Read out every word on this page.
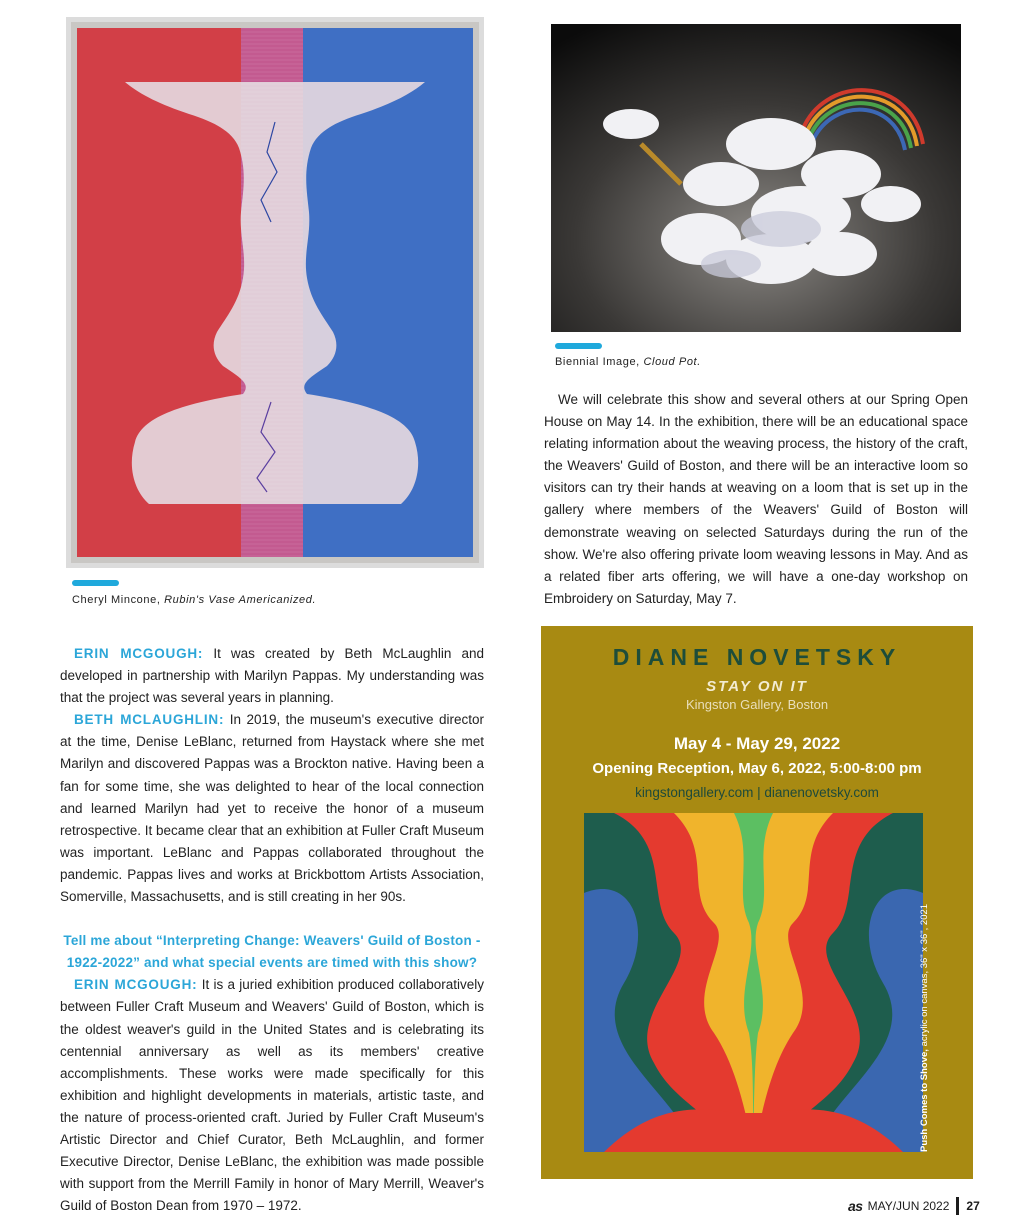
Cheryl Mincone, Rubin's Vase Americanized.
Biennial Image, Cloud Pot.

We will celebrate this show and several others at our Spring Open House on May 14. In the exhibition, there will be an educational space relating information about the weaving process, the history of the craft, the Weavers' Guild of Boston, and there will be an interactive loom so visitors can try their hands at weaving on a loom that is set up in the gallery where members of the Weavers' Guild of Boston will demonstrate weaving on selected Saturdays during the run of the show. We're also offering private loom weaving lessons in May. And as a related fiber arts offering, we will have a one-day workshop on Embroidery on Saturday, May 7.

ERIN MCGOUGH: It was created by Beth McLaughlin and developed in partnership with Marilyn Pappas. My understanding was that the project was several years in planning.

BETH MCLAUGHLIN: In 2019, the museum's executive director at the time, Denise LeBlanc, returned from Haystack where she met Marilyn and discovered Pappas was a Brockton native. Having been a fan for some time, she was delighted to hear of the local connection and learned Marilyn had yet to receive the honor of a museum retrospective. It became clear that an exhibition at Fuller Craft Museum was important. LeBlanc and Pappas collaborated throughout the pandemic. Pappas lives and works at Brickbottom Artists Association, Somerville, Massachusetts, and is still creating in her 90s.

Tell me about “Interpreting Change: Weavers' Guild of Boston - 1922-2022” and what special events are timed with this show?

ERIN MCGOUGH: It is a juried exhibition produced collaboratively between Fuller Craft Museum and Weavers' Guild of Boston, which is the oldest weaver's guild in the United States and is celebrating its centennial anniversary as well as its members' creative accomplishments. These works were made specifically for this exhibition and highlight developments in materials, artistic taste, and the nature of process-oriented craft. Juried by Fuller Craft Museum's Artistic Director and Chief Curator, Beth McLaughlin, and former Executive Director, Denise LeBlanc, the exhibition was made possible with support from the Merrill Family in honor of Mary Merrill, Weaver's Guild of Boston Dean from 1970 – 1972.

DIANE NOVETSKY
STAY ON IT
Kingston Gallery, Boston
May 4 - May 29, 2022
Opening Reception, May 6, 2022, 5:00-8:00 pm
kingstongallery.com | dianenovetsky.com
Push Comes to Shove, acrylic on canvas, 36" x 36", 2021
as MAY/JUN 2022 27
